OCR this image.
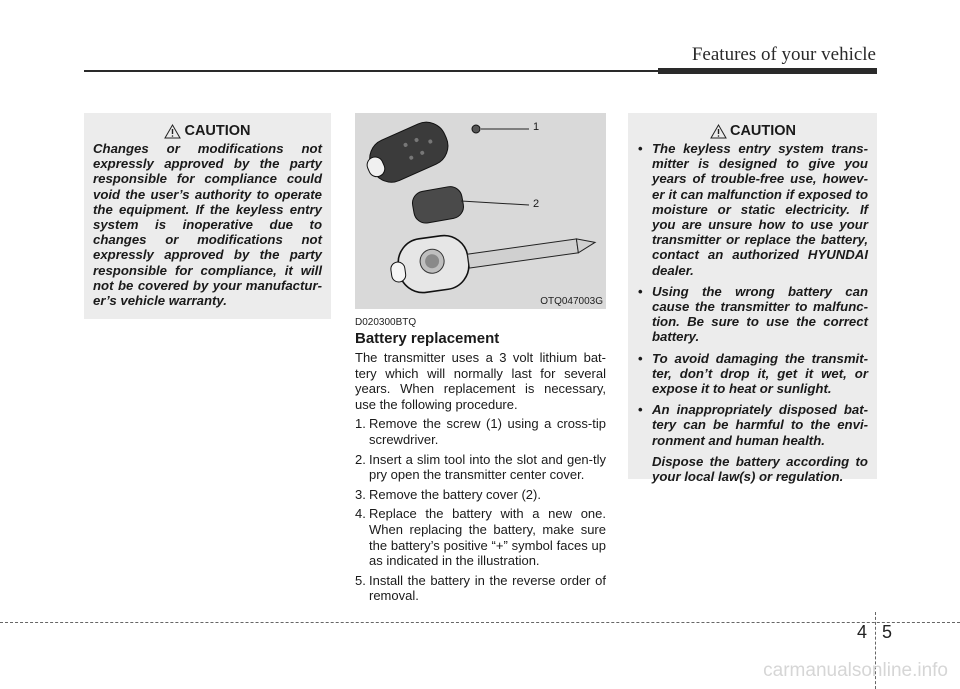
Features of your vehicle
CAUTION
Changes or modifications not expressly approved by the party responsible for compliance could void the user’s authority to operate the equipment. If the keyless entry system is inoperative due to changes or modifications not expressly approved by the party responsible for compliance, it will not be covered by your manufactur-er’s vehicle warranty.
1
2
OTQ047003G
D020300BTQ
Battery replacement

The transmitter uses a 3 volt lithium bat-tery which will normally last for several years. When replacement is necessary, use the following procedure.

1. Remove the screw (1) using a cross-tip screwdriver.
2. Insert a slim tool into the slot and gen-tly pry open the transmitter center cover.
3. Remove the battery cover (2).
4. Replace the battery with a new one. When replacing the battery, make sure the battery’s positive “+” symbol faces up as indicated in the illustration.
5. Install the battery in the reverse order of removal.
CAUTION
• The keyless entry system trans-mitter is designed to give you years of trouble-free use, howev-er it can malfunction if exposed to moisture or static electricity. If you are unsure how to use your transmitter or replace the battery, contact an authorized HYUNDAI dealer.
• Using the wrong battery can cause the transmitter to malfunc-tion. Be sure to use the correct battery.
• To avoid damaging the transmit-ter, don’t drop it, get it wet, or expose it to heat or sunlight.
• An inappropriately disposed bat-tery can be harmful to the envi-ronment and human health.
Dispose the battery according to your local law(s) or regulation.
4 5
carmanualsonline.info
